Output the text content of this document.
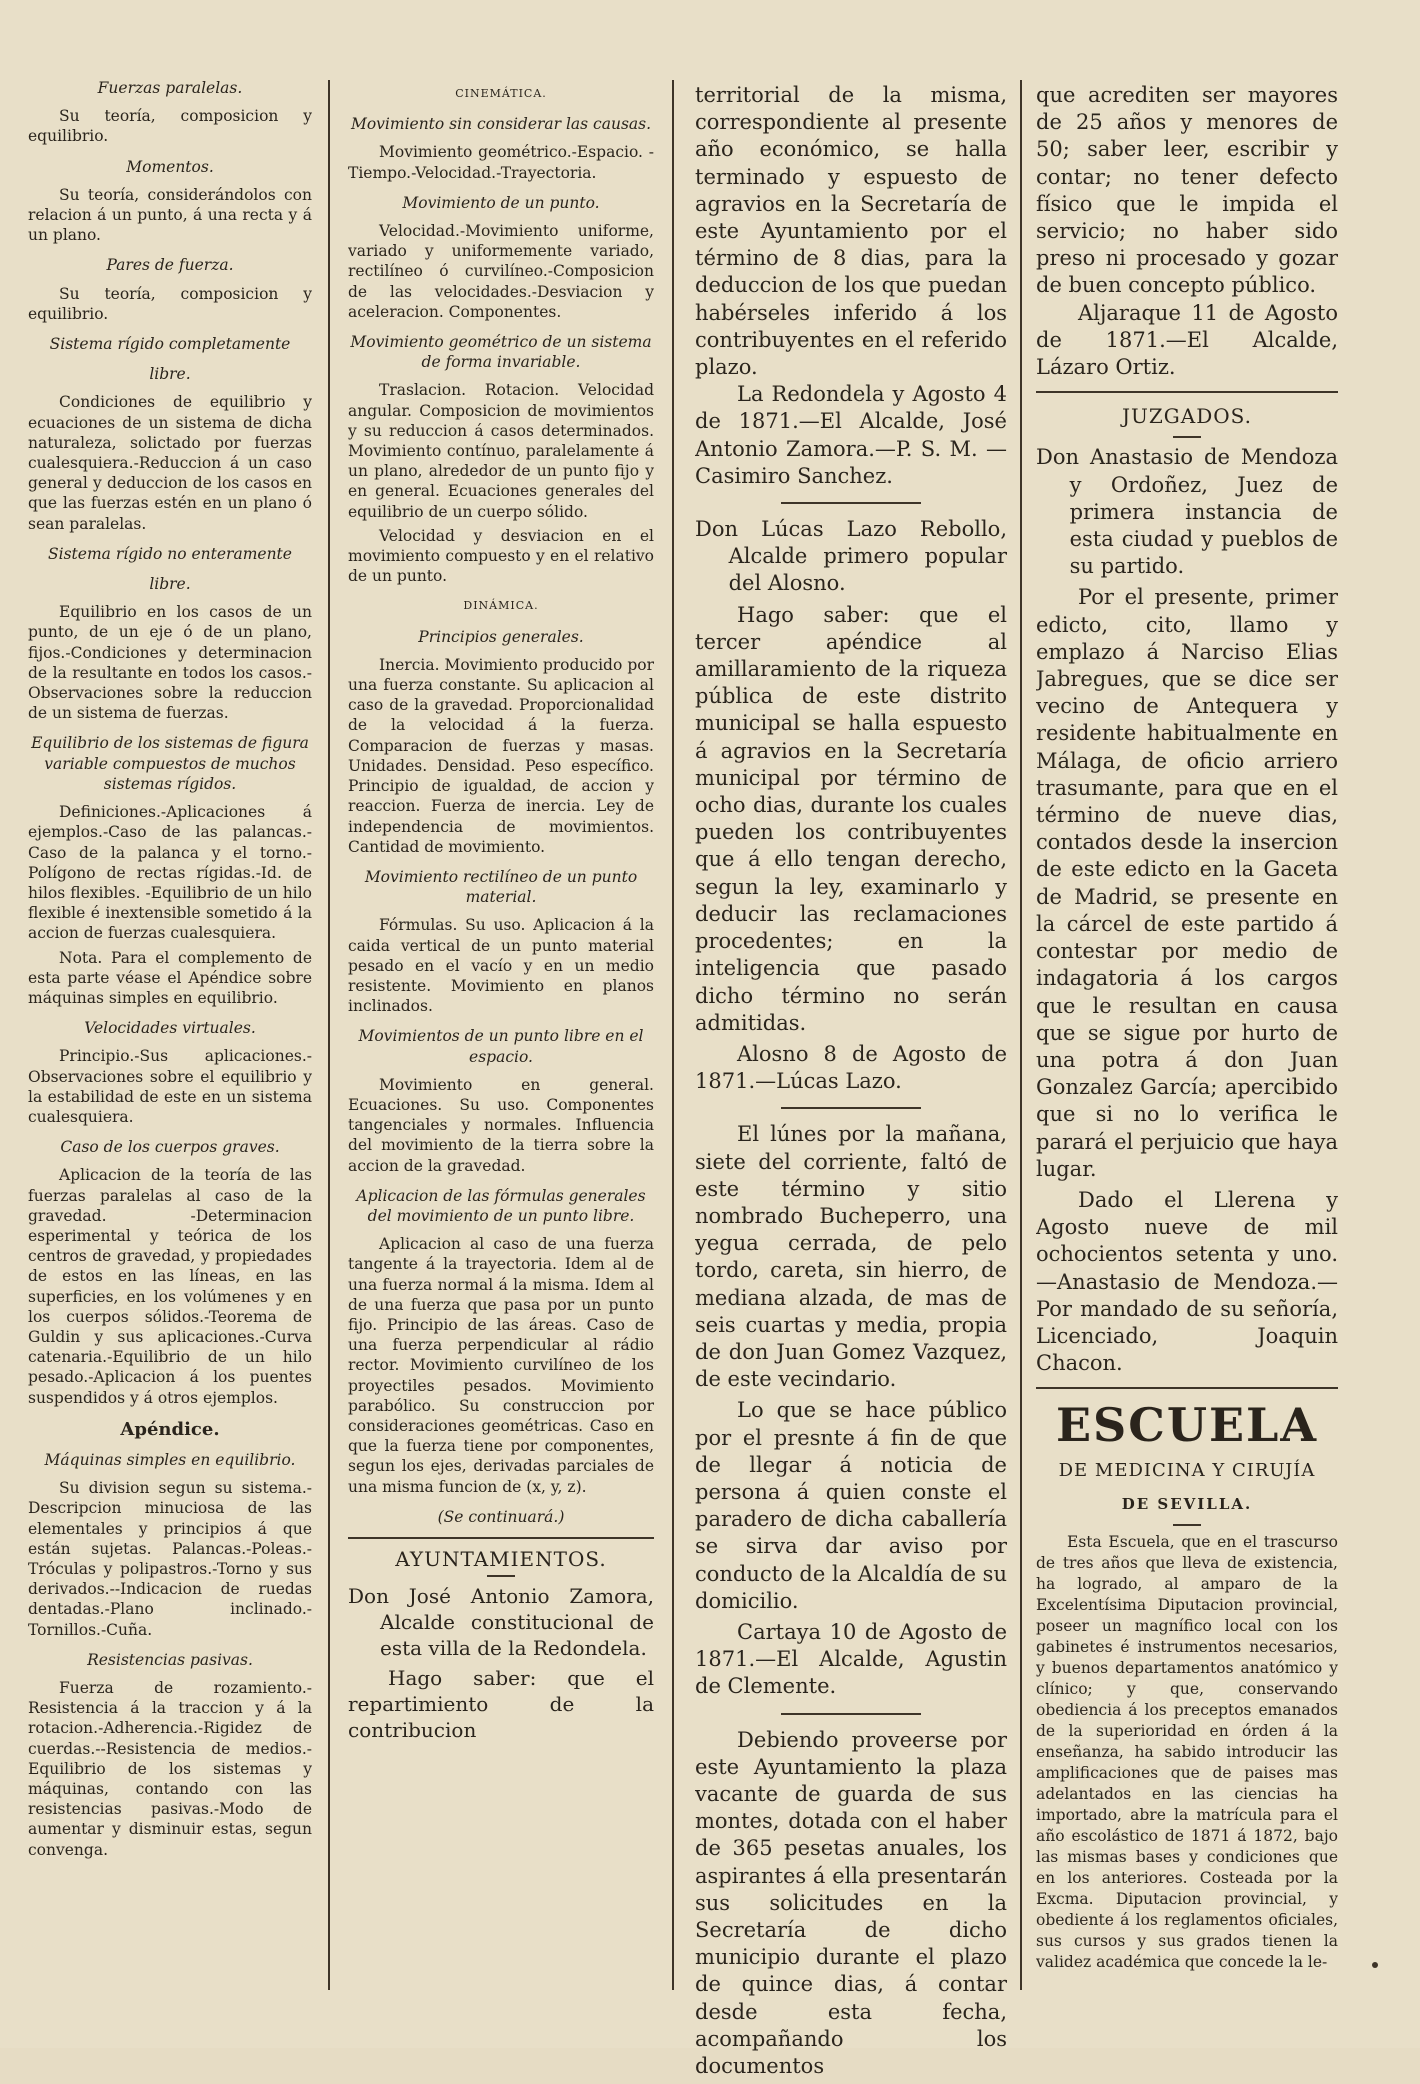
Fuerzas paralelas.

Su teoría, composicion y equilibrio.

Momentos.

Su teoría, considerándolos con relacion á un punto, á una recta y á un plano.

Pares de fuerza.

Su teoría, composicion y equilibrio.

Sistema rígido completamente
libre.

Condiciones de equilibrio y ecuaciones de un sistema de dicha naturaleza, solictado por fuerzas cualesquiera.-Reduccion á un caso general y deduccion de los casos en que las fuerzas estén en un plano ó sean paralelas.

Sistema rígido no enteramente
libre.

Equilibrio en los casos de un punto, de un eje ó de un plano, fijos.-Condiciones y determinacion de la resultante en todos los casos.-Observaciones sobre la reduccion de un sistema de fuerzas.

Equilibrio de los sistemas de figura variable compuestos de muchos sistemas rígidos.

Definiciones.-Aplicaciones á ejemplos.-Caso de las palancas.-Caso de la palanca y el torno.-Polígono de rectas rígidas.-Id. de hilos flexibles. -Equilibrio de un hilo flexible é inextensible sometido á la accion de fuerzas cualesquiera.

Nota. Para el complemento de esta parte véase el Apéndice sobre máquinas simples en equilibrio.

Velocidades virtuales.

Principio.-Sus aplicaciones.-Observaciones sobre el equilibrio y la estabilidad de este en un sistema cualesquiera.

Caso de los cuerpos graves.

Aplicacion de la teoría de las fuerzas paralelas al caso de la gravedad. -Determinacion esperimental y teórica de los centros de gravedad, y propiedades de estos en las líneas, en las superficies, en los volúmenes y en los cuerpos sólidos.-Teorema de Guldin y sus aplicaciones.-Curva catenaria.-Equilibrio de un hilo pesado.-Aplicacion á los puentes suspendidos y á otros ejemplos.

Apéndice.
Máquinas simples en equilibrio.

Su division segun su sistema.-Descripcion minuciosa de las elementales y principios á que están sujetas. Palancas.-Poleas.-Tróculas y polipastros.-Torno y sus derivados.--Indicacion de ruedas dentadas.-Plano inclinado.-Tornillos.-Cuña.

Resistencias pasivas.

Fuerza de rozamiento.-Resistencia á la traccion y á la rotacion.-Adherencia.-Rigidez de cuerdas.--Resistencia de medios.-Equilibrio de los sistemas y máquinas, contando con las resistencias pasivas.-Modo de aumentar y disminuir estas, segun convenga.

CINEMÁTICA.
Movimiento sin considerar las causas.

Movimiento geométrico.-Espacio. -Tiempo.-Velocidad.-Trayectoria.

Movimiento de un punto.

Velocidad.-Movimiento uniforme, variado y uniformemente variado, rectilíneo ó curvilíneo.-Composicion de las velocidades.-Desviacion y aceleracion. Componentes.

Movimiento geométrico de un sistema de forma invariable.

Traslacion. Rotacion. Velocidad angular. Composicion de movimientos y su reduccion á casos determinados. Movimiento contínuo, paralelamente á un plano, alrededor de un punto fijo y en general. Ecuaciones generales del equilibrio de un cuerpo sólido.

Velocidad y desviacion en el movimiento compuesto y en el relativo de un punto.

DINÁMICA.
Principios generales.

Inercia. Movimiento producido por una fuerza constante. Su aplicacion al caso de la gravedad. Proporcionalidad de la velocidad á la fuerza. Comparacion de fuerzas y masas. Unidades. Densidad. Peso específico. Principio de igualdad, de accion y reaccion. Fuerza de inercia. Ley de independencia de movimientos. Cantidad de movimiento.

Movimiento rectilíneo de un punto material.

Fórmulas. Su uso. Aplicacion á la caida vertical de un punto material pesado en el vacío y en un medio resistente. Movimiento en planos inclinados.

Movimientos de un punto libre en el espacio.

Movimiento en general. Ecuaciones. Su uso. Componentes tangenciales y normales. Influencia del movimiento de la tierra sobre la accion de la gravedad.

Aplicacion de las fórmulas generales del movimiento de un punto libre.

Aplicacion al caso de una fuerza tangente á la trayectoria. Idem al de una fuerza normal á la misma. Idem al de una fuerza que pasa por un punto fijo. Principio de las áreas. Caso de una fuerza perpendicular al rádio rector. Movimiento curvilíneo de los proyectiles pesados. Movimiento parabólico. Su construccion por consideraciones geométricas. Caso en que la fuerza tiene por componentes, segun los ejes, derivadas parciales de una misma funcion de (x, y, z).

(Se continuará.)
AYUNTAMIENTOS.

Don José Antonio Zamora, Alcalde constitucional de esta villa de la Redondela.

Hago saber: que el repartimiento de la contribucion

territorial de la misma, correspondiente al presente año económico, se halla terminado y espuesto de agravios en la Secretaría de este Ayuntamiento por el término de 8 dias, para la deduccion de los que puedan habérseles inferido á los contribuyentes en el referido plazo.

La Redondela y Agosto 4 de 1871.—El Alcalde, José Antonio Zamora.—P. S. M. —Casimiro Sanchez.

Don Lúcas Lazo Rebollo, Alcalde primero popular del Alosno.

Hago saber: que el tercer apéndice al amillaramiento de la riqueza pública de este distrito municipal se halla espuesto á agravios en la Secretaría municipal por término de ocho dias, durante los cuales pueden los contribuyentes que á ello tengan derecho, segun la ley, examinarlo y deducir las reclamaciones procedentes; en la inteligencia que pasado dicho término no serán admitidas.

Alosno 8 de Agosto de 1871.—Lúcas Lazo.

El lúnes por la mañana, siete del corriente, faltó de este término y sitio nombrado Bucheperro, una yegua cerrada, de pelo tordo, careta, sin hierro, de mediana alzada, de mas de seis cuartas y media, propia de don Juan Gomez Vazquez, de este vecindario.

Lo que se hace público por el presnte á fin de que de llegar á noticia de persona á quien conste el paradero de dicha caballería se sirva dar aviso por conducto de la Alcaldía de su domicilio.

Cartaya 10 de Agosto de 1871.—El Alcalde, Agustin de Clemente.

Debiendo proveerse por este Ayuntamiento la plaza vacante de guarda de sus montes, dotada con el haber de 365 pesetas anuales, los aspirantes á ella presentarán sus solicitudes en la Secretaría de dicho municipio durante el plazo de quince dias, á contar desde esta fecha, acompañando los documentos

que acrediten ser mayores de 25 años y menores de 50; saber leer, escribir y contar; no tener defecto físico que le impida el servicio; no haber sido preso ni procesado y gozar de buen concepto público.

Aljaraque 11 de Agosto de 1871.—El Alcalde, Lázaro Ortiz.

JUZGADOS.

Don Anastasio de Mendoza y Ordoñez, Juez de primera instancia de esta ciudad y pueblos de su partido.

Por el presente, primer edicto, cito, llamo y emplazo á Narciso Elias Jabregues, que se dice ser vecino de Antequera y residente habitualmente en Málaga, de oficio arriero trasumante, para que en el término de nueve dias, contados desde la insercion de este edicto en la Gaceta de Madrid, se presente en la cárcel de este partido á contestar por medio de indagatoria á los cargos que le resultan en causa que se sigue por hurto de una potra á don Juan Gonzalez García; apercibido que si no lo verifica le parará el perjuicio que haya lugar.

Dado el Llerena y Agosto nueve de mil ochocientos setenta y uno.—Anastasio de Mendoza.—Por mandado de su señoría, Licenciado, Joaquin Chacon.

ESCUELA
DE MEDICINA Y CIRUJÍA
DE SEVILLA.

Esta Escuela, que en el trascurso de tres años que lleva de existencia, ha logrado, al amparo de la Excelentísima Diputacion provincial, poseer un magnífico local con los gabinetes é instrumentos necesarios, y buenos departamentos anatómico y clínico; y que, conservando obediencia á los preceptos emanados de la superioridad en órden á la enseñanza, ha sabido introducir las amplificaciones que de paises mas adelantados en las ciencias ha importado, abre la matrícula para el año escolástico de 1871 á 1872, bajo las mismas bases y condiciones que en los anteriores. Costeada por la Excma. Diputacion provincial, y obediente á los reglamentos oficiales, sus cursos y sus grados tienen la validez académica que concede la le-
